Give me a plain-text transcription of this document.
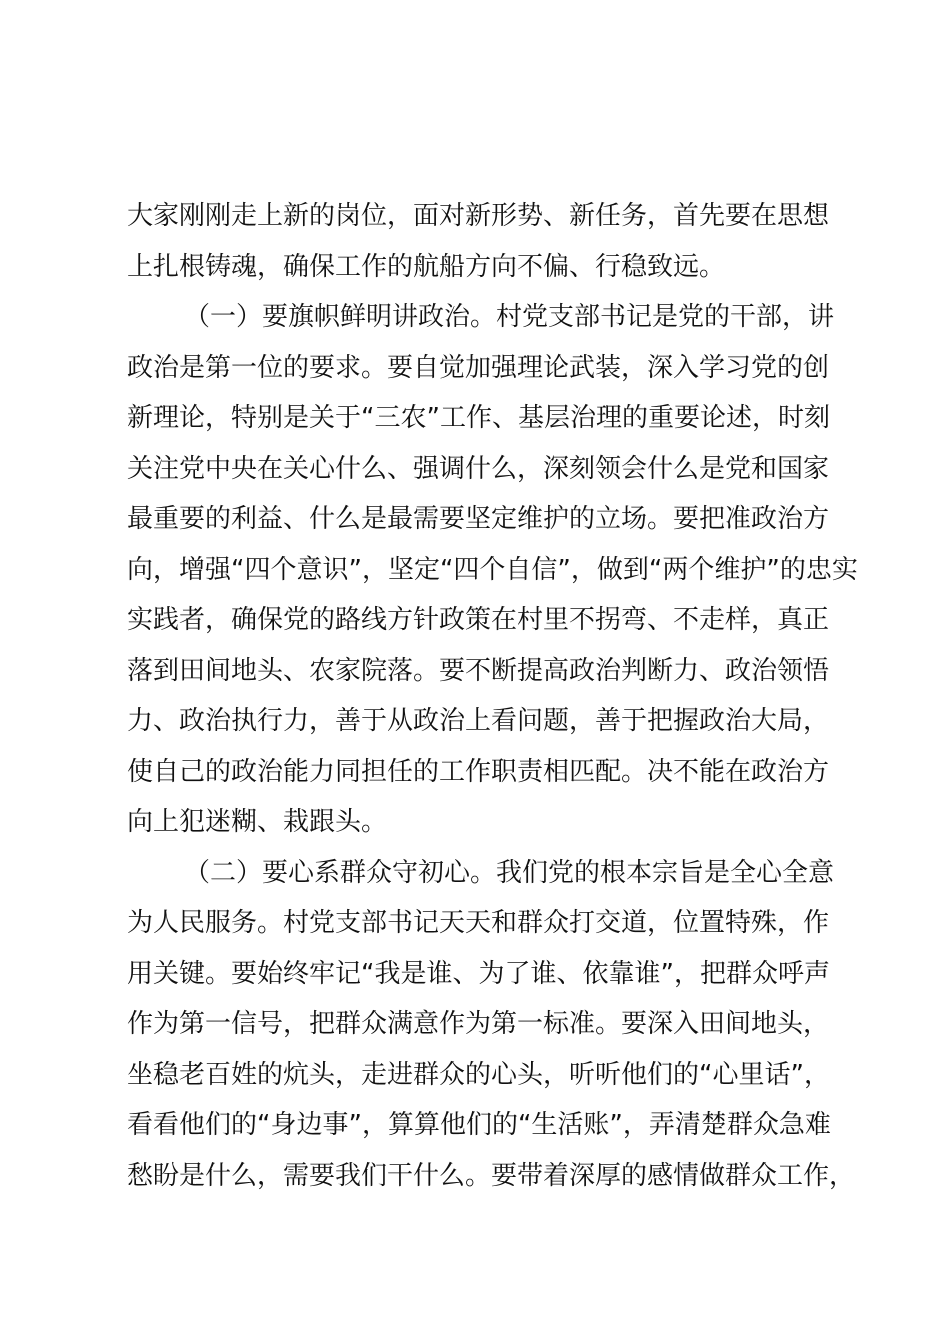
大家刚刚走上新的岗位，面对新形势、新任务，首先要在思想
上扎根铸魂，确保工作的航船方向不偏、行稳致远。
（一）要旗帜鲜明讲政治。村党支部书记是党的干部，讲
政治是第一位的要求。要自觉加强理论武装，深入学习党的创
新理论，特别是关于“三农”工作、基层治理的重要论述，时刻
关注党中央在关心什么、强调什么，深刻领会什么是党和国家
最重要的利益、什么是最需要坚定维护的立场。要把准政治方
向，增强“四个意识”，坚定“四个自信”，做到“两个维护”的忠实
实践者，确保党的路线方针政策在村里不拐弯、不走样，真正
落到田间地头、农家院落。要不断提高政治判断力、政治领悟
力、政治执行力，善于从政治上看问题，善于把握政治大局，
使自己的政治能力同担任的工作职责相匹配。决不能在政治方
向上犯迷糊、栽跟头。
（二）要心系群众守初心。我们党的根本宗旨是全心全意
为人民服务。村党支部书记天天和群众打交道，位置特殊，作
用关键。要始终牢记“我是谁、为了谁、依靠谁”，把群众呼声
作为第一信号，把群众满意作为第一标准。要深入田间地头，
坐稳老百姓的炕头，走进群众的心头，听听他们的“心里话”，
看看他们的“身边事”，算算他们的“生活账”，弄清楚群众急难
愁盼是什么，需要我们干什么。要带着深厚的感情做群众工作，
